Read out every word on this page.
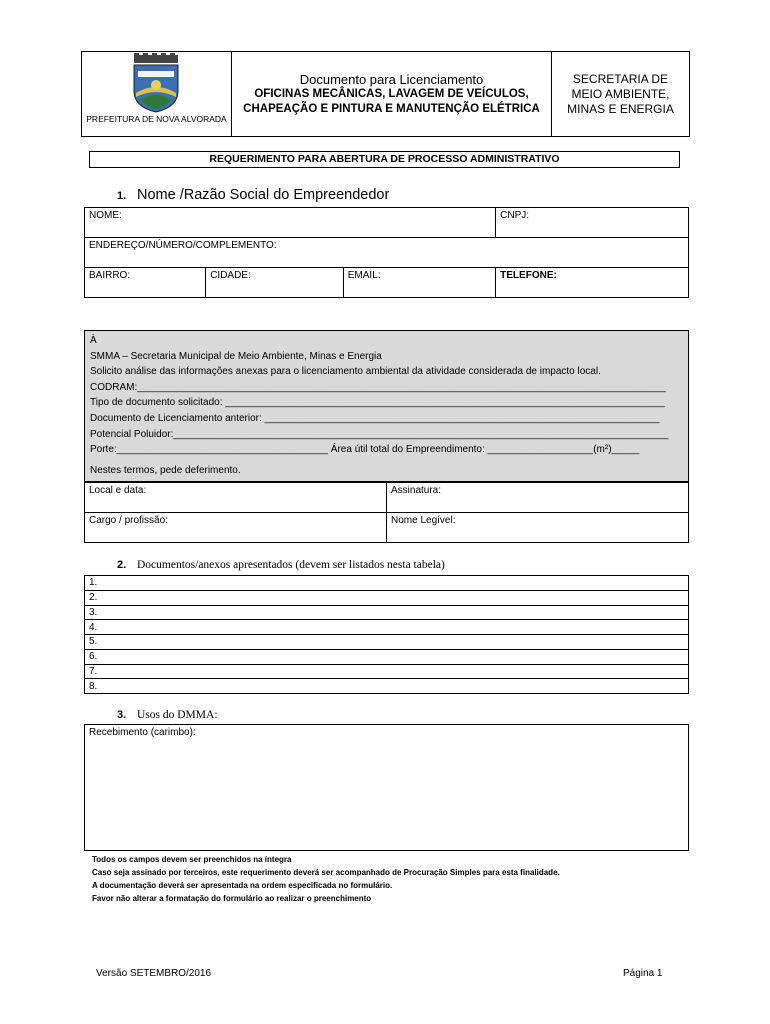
PREFEITURA DE NOVA ALVORADA
Documento para Licenciamento
OFICINAS MECÂNICAS, LAVAGEM DE VEÍCULOS,
CHAPEAÇÃO E PINTURA E MANUTENÇÃO ELÉTRICA
SECRETARIA DE
MEIO AMBIENTE,
MINAS E ENERGIA
REQUERIMENTO PARA ABERTURA DE PROCESSO ADMINISTRATIVO
1. Nome /Razão Social do Empreendedor
NOME:			CNPJ:
ENDEREÇO/NÚMERO/COMPLEMENTO:			
BAIRRO:	CIDADE:	EMAIL:	TELEFONE:
À
SMMA – Secretaria Municipal de Meio Ambiente, Minas e Energia
Solicito análise das informações anexas para o licenciamento ambiental da atividade considerada de impacto local.
CODRAM:_______________________________________________________________________________________________
Tipo de documento solicitado: _______________________________________________________________________________
Documento de Licenciamento anterior: _______________________________________________________________________
Potencial Poluidor:_________________________________________________________________________________________
Porte:______________________________________ Área útil total do Empreendimento: ___________________(m²)_____
Nestes termos, pede deferimento.
Local e data:	Assinatura:
Cargo / profissão:	Nome Legível:
2. Documentos/anexos apresentados (devem ser listados nesta tabela)
1.
2.
3.
4.
5.
6.
7.
8.
3. Usos do DMMA:
Recebimento (carimbo):
Todos os campos devem ser preenchidos na íntegra
Caso seja assinado por terceiros, este requerimento deverá ser acompanhado de Procuração Simples para esta finalidade.
A documentação deverá ser apresentada na ordem especificada no formulário.
Favor não alterar a formatação do formulário ao realizar o preenchimento
Versão SETEMBRO/2016	Página 1
